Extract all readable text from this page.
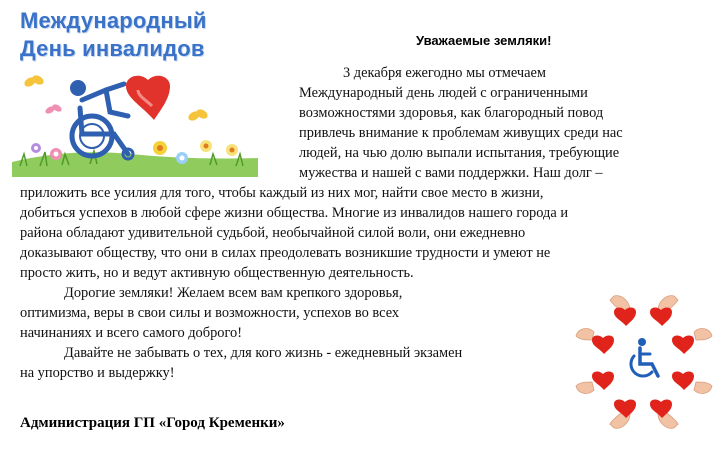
Международный
День инвалидов	Уважаемые земляки!
3 декабря ежегодно мы отмечаем
Международный день людей с ограниченными
возможностями здоровья, как благородный повод
привлечь внимание к проблемам живущих среди нас
людей, на чью долю выпали испытания, требующие
мужества и нашей с вами поддержки. Наш долг –
приложить все усилия для того, чтобы каждый из них мог, найти свое место в жизни,
добиться успехов в любой сфере жизни общества. Многие из инвалидов нашего города и
района обладают удивительной судьбой, необычайной силой воли, они ежедневно
доказывают обществу, что они в силах преодолевать возникшие трудности и умеют не
просто жить, но и ведут активную общественную деятельность.
Дорогие земляки! Желаем всем вам крепкого здоровья,
оптимизма, веры в свои силы и возможности, успехов во всех
начинаниях и всего самого доброго!
Давайте не забывать о тех, для кого жизнь - ежедневный экзамен
на упорство и выдержку!
Администрация ГП «Город Кременки»
